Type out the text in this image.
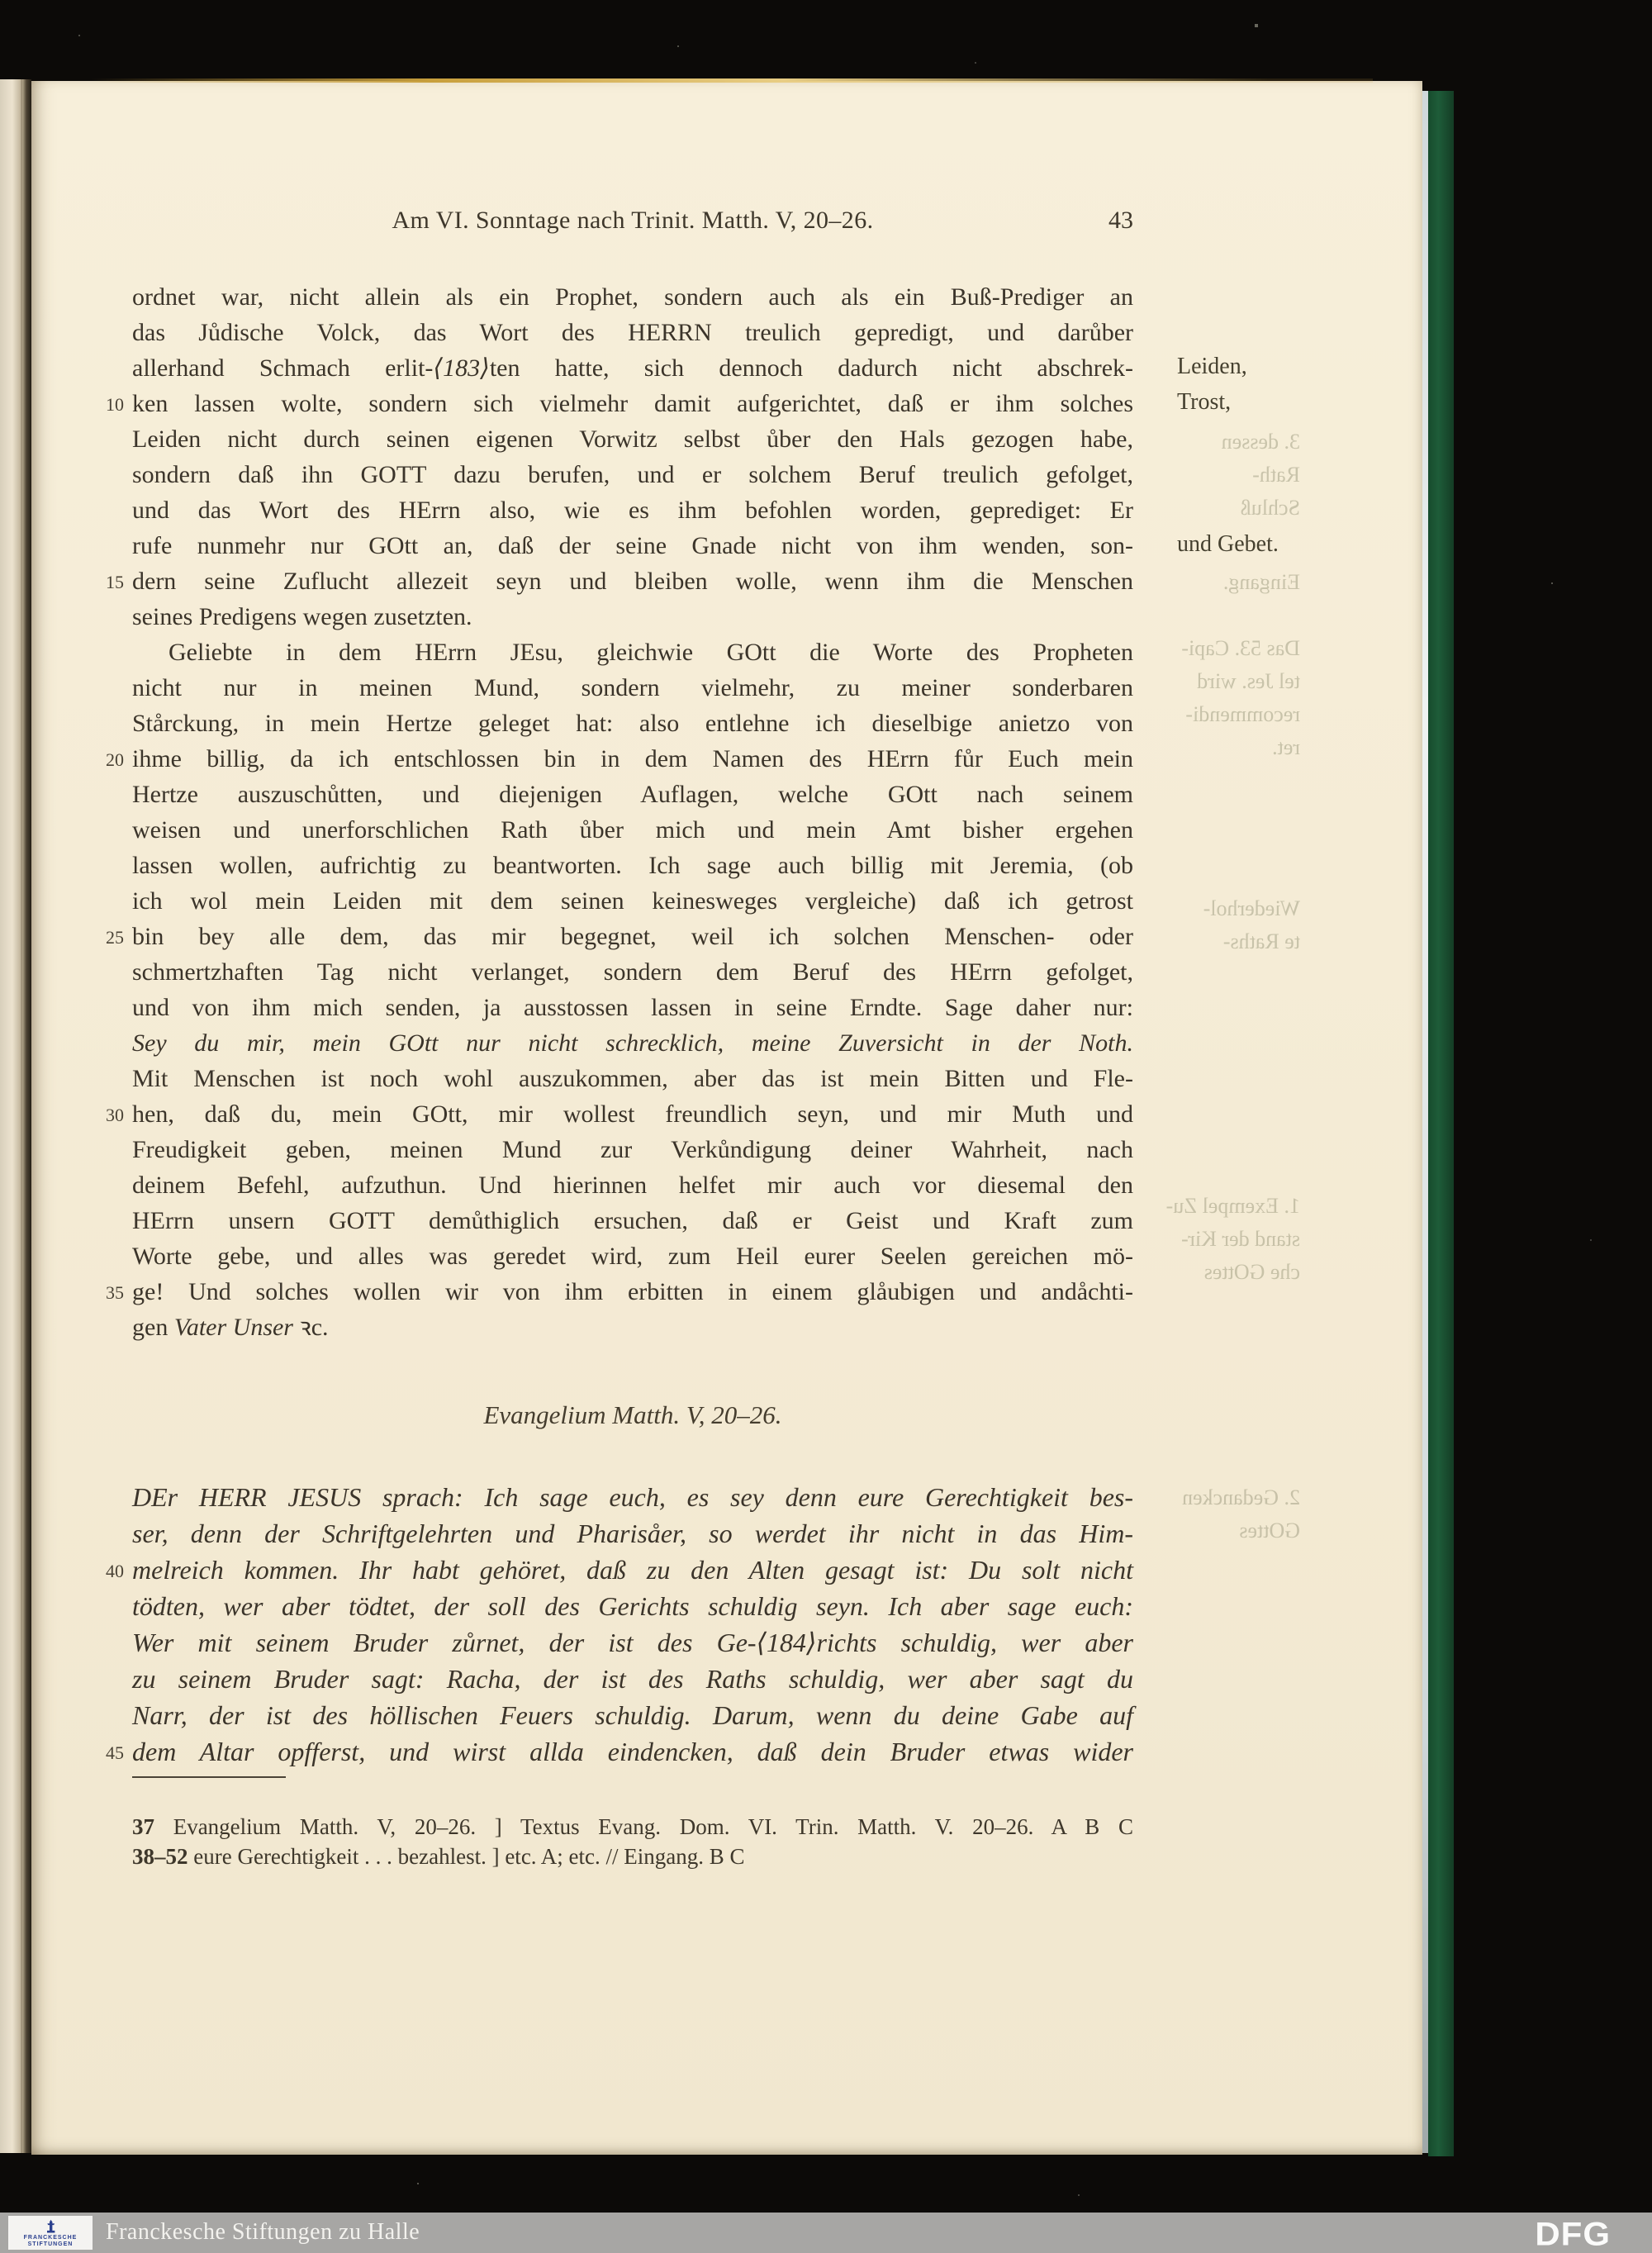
Am VI. Sonntage nach Trinit. Matth. V, 20–26.	43
3. dessen
Rath-
Schluß
Eingang.
Das 53. Capi-
tel Jes. wird
recommendi-
ret.
Wiederhol-
te Raths-
1. Exempel Zu-
stand der Kir-
che GOttes
2. Gedancken
GOttes
10
15
20
25
30
35
40
45
Leiden,
Trost,
und Gebet.
ordnet war, nicht allein als ein Prophet, sondern auch als ein Buß-Prediger an
das Jůdische Volck, das Wort des HERRN treulich gepredigt, und darůber
allerhand Schmach erlit-⟨183⟩ten hatte, sich dennoch dadurch nicht abschrek-
ken lassen wolte, sondern sich vielmehr damit aufgerichtet, daß er ihm solches
Leiden nicht durch seinen eigenen Vorwitz selbst ůber den Hals gezogen habe,
sondern daß ihn GOTT dazu berufen, und er solchem Beruf treulich gefolget,
und das Wort des HErrn also, wie es ihm befohlen worden, geprediget: Er
rufe nunmehr nur GOtt an, daß der seine Gnade nicht von ihm wenden, son-
dern seine Zuflucht allezeit seyn und bleiben wolle, wenn ihm die Menschen
seines Predigens wegen zusetzten.
Geliebte in dem HErrn JEsu, gleichwie GOtt die Worte des Propheten
nicht nur in meinen Mund, sondern vielmehr, zu meiner sonderbaren
Stårckung, in mein Hertze geleget hat: also entlehne ich dieselbige anietzo von
ihme billig, da ich entschlossen bin in dem Namen des HErrn fůr Euch mein
Hertze auszuschůtten, und diejenigen Auflagen, welche GOtt nach seinem
weisen und unerforschlichen Rath ůber mich und mein Amt bisher ergehen
lassen wollen, aufrichtig zu beantworten. Ich sage auch billig mit Jeremia, (ob
ich wol mein Leiden mit dem seinen keinesweges vergleiche) daß ich getrost
bin bey alle dem, das mir begegnet, weil ich solchen Menschen- oder
schmertzhaften Tag nicht verlanget, sondern dem Beruf des HErrn gefolget,
und von ihm mich senden, ja ausstossen lassen in seine Erndte. Sage daher nur:
Sey du mir, mein GOtt nur nicht schrecklich, meine Zuversicht in der Noth.
Mit Menschen ist noch wohl auszukommen, aber das ist mein Bitten und Fle-
hen, daß du, mein GOtt, mir wollest freundlich seyn, und mir Muth und
Freudigkeit geben, meinen Mund zur Verkůndigung deiner Wahrheit, nach
deinem Befehl, aufzuthun. Und hierinnen helfet mir auch vor diesemal den
HErrn unsern GOTT demůthiglich ersuchen, daß er Geist und Kraft zum
Worte gebe, und alles was geredet wird, zum Heil eurer Seelen gereichen mö-
ge! Und solches wollen wir von ihm erbitten in einem glåubigen und andåchti-
gen Vater Unser ꝛc.
Evangelium Matth. V, 20–26.
DEr HERR JESUS sprach: Ich sage euch, es sey denn eure Gerechtigkeit bes-
ser, denn der Schriftgelehrten und Pharisåer, so werdet ihr nicht in das Him-
melreich kommen. Ihr habt gehöret, daß zu den Alten gesagt ist: Du solt nicht
tödten, wer aber tödtet, der soll des Gerichts schuldig seyn. Ich aber sage euch:
Wer mit seinem Bruder zůrnet, der ist des Ge-⟨184⟩richts schuldig, wer aber
zu seinem Bruder sagt: Racha, der ist des Raths schuldig, wer aber sagt du
Narr, der ist des höllischen Feuers schuldig. Darum, wenn du deine Gabe auf
dem Altar opfferst, und wirst allda eindencken, daß dein Bruder etwas wider
37 Evangelium Matth. V, 20–26. ] Textus Evang. Dom. VI. Trin. Matth. V. 20–26. A B C
38–52 eure Gerechtigkeit . . . bezahlest. ] etc. A; etc. // Eingang. B C
FRANCKESCHE
STIFTUNGEN Franckesche Stiftungen zu Halle	DFG
